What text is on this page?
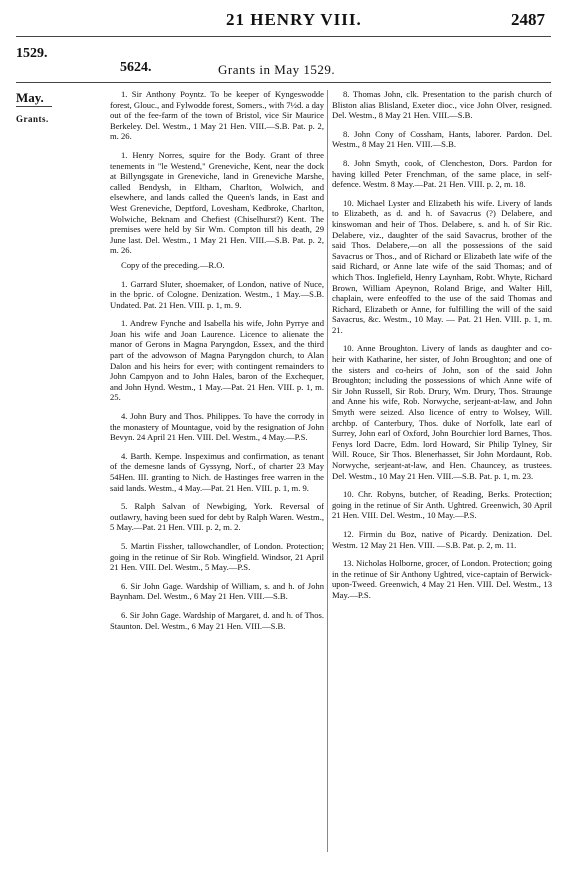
21 HENRY VIII.	2487
1529.
5624.	Grants in May 1529.
May.
Grants.

1. Sir Anthony Poyntz. To be keeper of Kyngeswodde forest, Glouc., and Fylwodde forest, Somers., with 7½d. a day out of the fee-farm of the town of Bristol, vice Sir Maurice Berkeley. Del. Westm., 1 May 21 Hen. VIII.—S.B. Pat. p. 2, m. 26.

1. Henry Norres, squire for the Body. Grant of three tenements in "le Westend," Greneviche, Kent, near the dock at Billyngsgate in Greneviche, land in Greneviche Marshe, called Bendysh, in Eltham, Charlton, Wolwich, and elsewhere, and lands called the Queen's lands, in East and West Greneviche, Deptford, Lovesham, Kedbroke, Charlton, Wolwiche, Beknam and Chefiest (Chiselhurst?) Kent. The premises were held by Sir Wm. Compton till his death, 29 June last. Del. Westm., 1 May 21 Hen. VIII.—S.B. Pat. p. 2, m. 26.

Copy of the preceding.—R.O.

1. Garrard Sluter, shoemaker, of London, native of Nuce, in the bpric. of Cologne. Denization. Westm., 1 May.—S.B. Undated. Pat. 21 Hen. VIII. p. 1, m. 9.

1. Andrew Fynche and Isabella his wife, John Pyrrye and Joan his wife and Joan Laurence. Licence to alienate the manor of Gerons in Magna Paryngdon, Essex, and the third part of the advowson of Magna Paryngdon church, to Alan Dalon and his heirs for ever; with contingent remainders to John Campyon and to John Hales, baron of the Exchequer, and John Hynd. Westm., 1 May.—Pat. 21 Hen. VIII. p. 1, m. 25.

4. John Bury and Thos. Philippes. To have the corrody in the monastery of Mountague, void by the resignation of John Bevyn. 24 April 21 Hen. VIII. Del. Westm., 4 May.—P.S.

4. Barth. Kempe. Inspeximus and confirmation, as tenant of the demesne lands of Gyssyng, Norf., of charter 23 May 54Hen. III. granting to Nich. de Hastinges free warren in the said lands. Westm., 4 May.—Pat. 21 Hen. VIII. p. 1, m. 9.

5. Ralph Salvan of Newbiging, York. Reversal of outlawry, having been sued for debt by Ralph Waren. Westm., 5 May.—Pat. 21 Hen. VIII. p. 2, m. 2.

5. Martin Fissher, tallowchandler, of London. Protection; going in the retinue of Sir Rob. Wingfield. Windsor, 21 April 21 Hen. VIII. Del. Westm., 5 May.—P.S.

6. Sir John Gage. Wardship of William, s. and h. of John Baynham. Del. Westm., 6 May 21 Hen. VIII.—S.B.

6. Sir John Gage. Wardship of Margaret, d. and h. of Thos. Staunton. Del. Westm., 6 May 21 Hen. VIII.—S.B.

8. Thomas John, clk. Presentation to the parish church of Bliston alias Blisland, Exeter dioc., vice John Olver, resigned. Del. Westm., 8 May 21 Hen. VIII.—S.B.

8. John Cony of Cossham, Hants, laborer. Pardon. Del. Westm., 8 May 21 Hen. VIII.—S.B.

8. John Smyth, cook, of Clencheston, Dors. Pardon for having killed Peter Frenchman, of the same place, in self-defence. Westm. 8 May.—Pat. 21 Hen. VIII. p. 2, m. 18.

10. Michael Lyster and Elizabeth his wife. Livery of lands to Elizabeth, as d. and h. of Savacrus (?) Delabere, and kinswoman and heir of Thos. Delabere, s. and h. of Sir Ric. Delabere, viz., daughter of the said Savacrus, brother of the said Thos. Delabere,—on all the possessions of the said Savacrus or Thos., and of Richard or Elizabeth late wife of the said Richard, or Anne late wife of the said Thomas; and of which Thos. Inglefield, Henry Laynham, Robt. Whyte, Richard Brown, William Apeynon, Roland Brige, and Walter Hill, chaplain, were enfeoffed to the use of the said Thomas and Richard, Elizabeth or Anne, for fulfilling the will of the said Savacrus, &c. Westm., 10 May. — Pat. 21 Hen. VIII. p. 1, m. 21.

10. Anne Broughton. Livery of lands as daughter and co-heir with Katharine, her sister, of John Broughton; and one of the sisters and co-heirs of John, son of the said John Broughton; including the possessions of which Anne wife of Sir John Russell, Sir Rob. Drury, Wm. Drury, Thos. Straunge and Anne his wife, Rob. Norwyche, serjeant-at-law, and John Smyth were seized. Also licence of entry to Wolsey, Will. archbp. of Canterbury, Thos. duke of Norfolk, late earl of Surrey, John earl of Oxford, John Bourchier lord Barnes, Thos. Fenys lord Dacre, Edm. lord Howard, Sir Philip Tylney, Sir Will. Rouce, Sir Thos. Blenerhasset, Sir John Mordaunt, Rob. Norwyche, serjeant-at-law, and Hen. Chauncey, as trustees. Del. Westm., 10 May 21 Hen. VIII.—S.B. Pat. p. 1, m. 23.

10. Chr. Robyns, butcher, of Reading, Berks. Protection; going in the retinue of Sir Anth. Ughtred. Greenwich, 30 April 21 Hen. VIII. Del. Westm., 10 May.—P.S.

12. Firmin du Boz, native of Picardy. Denization. Del. Westm. 12 May 21 Hen. VIII. —S.B. Pat. p. 2, m. 11.

13. Nicholas Holborne, grocer, of London. Protection; going in the retinue of Sir Anthony Ughtred, vice-captain of Berwick-upon-Tweed. Greenwich, 4 May 21 Hen. VIII. Del. Westm., 13 May.—P.S.
